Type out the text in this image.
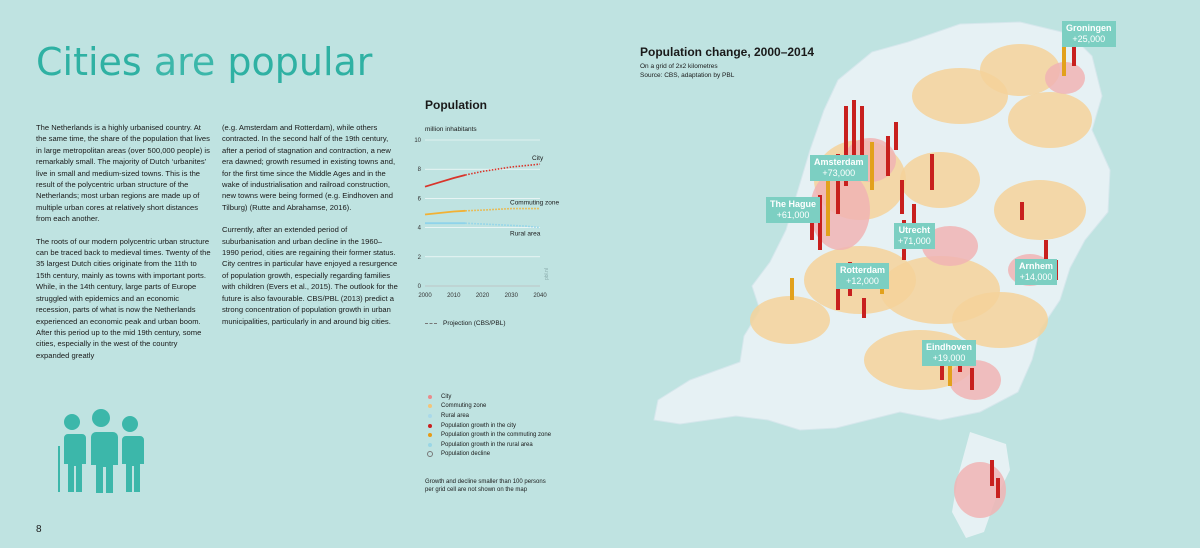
Cities are popular

The Netherlands is a highly urbanised country. At the same time, the share of the population that lives in large metropolitan areas (over 500,000 people) is remarkably small. The majority of Dutch ‘urbanites’ live in small and medium-sized towns. This is the result of the polycentric urban structure of the Netherlands; most urban regions are made up of multiple urban cores at relatively short distances from each another.

The roots of our modern polycentric urban structure can be traced back to medieval times. Twenty of the 35 largest Dutch cities originate from the 11th to 15th century, mainly as towns with important ports. While, in the 14th century, large parts of Europe struggled with epidemics and an economic recession, parts of what is now the Netherlands experienced an economic peak and urban boom. After this period up to the mid 19th century, some cities, especially in the west of the country expanded greatly

(e.g. Amsterdam and Rotterdam), while others contracted. In the second half of the 19th century, after a period of stagnation and contraction, a new era dawned; growth resumed in existing towns and, for the first time since the Middle Ages and in the wake of industrialisation and railroad construction, new towns were being formed (e.g. Eindhoven and Tilburg) (Rutte and Abrahamse, 2016).

Currently, after an extended period of suburbanisation and urban decline in the 1960–1990 period, cities are regaining their former status. City centres in particular have enjoyed a resurgence of population growth, especially regarding families with children (Evers et al., 2015). The outlook for the future is also favourable. CBS/PBL (2013) predict a strong concentration of population growth in urban municipalities, particularly in and around big cities.

8
Population
million inhabitants
0
2
4
6
8
10
2000	2010	2020	2030	2040
pbl.nl
City
Commuting zone
Rural area
Projection (CBS/PBL)
City
Commuting zone
Rural area
Population growth in the city
Population growth in the commuting zone
Population growth in the rural area
Population decline
Growth and decline smaller than 100 persons per grid cell are not shown on the map
Population change, 2000–2014
On a grid of 2x2 kilometres
Source: CBS, adaptation by PBL
Groningen
+25,000
Amsterdam
+73,000
The Hague
+61,000
Utrecht
+71,000
Rotterdam
+12,000
Arnhem
+14,000
Eindhoven
+19,000
